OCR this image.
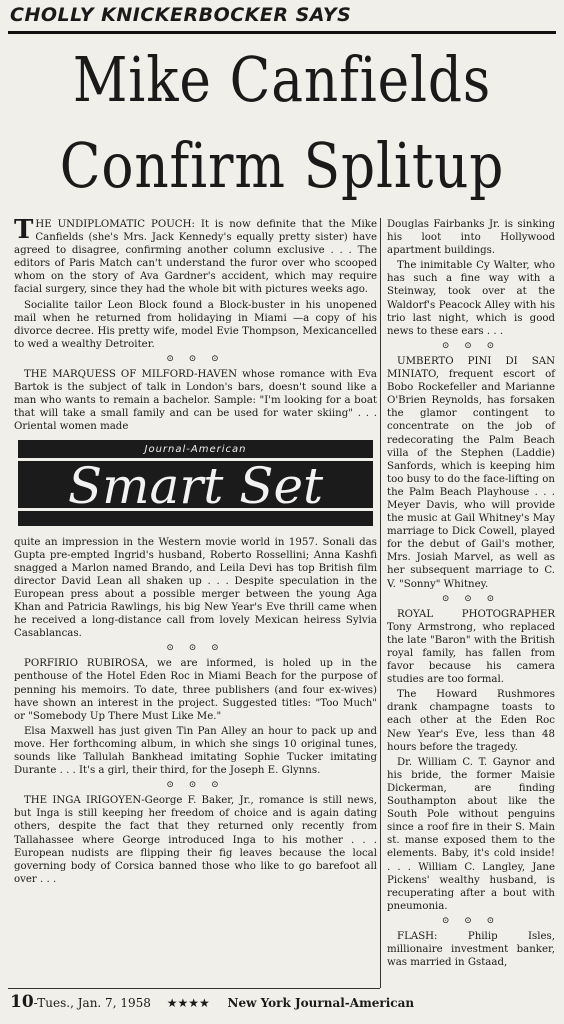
CHOLLY KNICKERBOCKER SAYS
Mike Canfields
Confirm Splitup

THE UNDIPLOMATIC POUCH: It is now definite that the Mike Canfields (she's Mrs. Jack Kennedy's equally pretty sister) have agreed to disagree, confirming another column exclusive . . . The editors of Paris Match can't understand the furor over who scooped whom on the story of Ava Gardner's accident, which may require facial surgery, since they had the whole bit with pictures weeks ago.

Socialite tailor Leon Block found a Block-buster in his unopened mail when he returned from holidaying in Miami —a copy of his divorce decree. His pretty wife, model Evie Thompson, Mexicancelled to wed a wealthy Detroiter.

⊙ ⊙ ⊙

THE MARQUESS OF MILFORD-HAVEN whose romance with Eva Bartok is the subject of talk in London's bars, doesn't sound like a man who wants to remain a bachelor. Sample: "I'm looking for a boat that will take a small family and can be used for water skiing" . . . Oriental women made

Journal-American
Smart Set

quite an impression in the Western movie world in 1957. Sonali das Gupta pre-empted Ingrid's husband, Roberto Rossellini; Anna Kashfi snagged a Marlon named Brando, and Leila Devi has top British film director David Lean all shaken up . . . Despite speculation in the European press about a possible merger between the young Aga Khan and Patricia Rawlings, his big New Year's Eve thrill came when he received a long-distance call from lovely Mexican heiress Sylvia Casablancas.

⊙ ⊙ ⊙

PORFIRIO RUBIROSA, we are informed, is holed up in the penthouse of the Hotel Eden Roc in Miami Beach for the purpose of penning his memoirs. To date, three publishers (and four ex-wives) have shown an interest in the project. Suggested titles: "Too Much" or "Somebody Up There Must Like Me."

Elsa Maxwell has just given Tin Pan Alley an hour to pack up and move. Her forthcoming album, in which she sings 10 original tunes, sounds like Tallulah Bankhead imitating Sophie Tucker imitating Durante . . . It's a girl, their third, for the Joseph E. Glynns.

⊙ ⊙ ⊙

THE INGA IRIGOYEN-George F. Baker, Jr., romance is still news, but Inga is still keeping her freedom of choice and is again dating others, despite the fact that they returned only recently from Tallahassee where George introduced Inga to his mother . . . European nudists are flipping their fig leaves because the local governing body of Corsica banned those who like to go barefoot all over . . .

Douglas Fairbanks Jr. is sinking his loot into Hollywood apartment buildings.

The inimitable Cy Walter, who has such a fine way with a Steinway, took over at the Waldorf's Peacock Alley with his trio last night, which is good news to these ears . . .

⊙ ⊙ ⊙

UMBERTO PINI DI SAN MINIATO, frequent escort of Bobo Rockefeller and Marianne O'Brien Reynolds, has forsaken the glamor contingent to concentrate on the job of redecorating the Palm Beach villa of the Stephen (Laddie) Sanfords, which is keeping him too busy to do the face-lifting on the Palm Beach Playhouse . . . Meyer Davis, who will provide the music at Gail Whitney's May marriage to Dick Cowell, played for the debut of Gail's mother, Mrs. Josiah Marvel, as well as her subsequent marriage to C. V. "Sonny" Whitney.

⊙ ⊙ ⊙

ROYAL PHOTOGRAPHER Tony Armstrong, who replaced the late "Baron" with the British royal family, has fallen from favor because his camera studies are too formal.

The Howard Rushmores drank champagne toasts to each other at the Eden Roc New Year's Eve, less than 48 hours before the tragedy.

Dr. William C. T. Gaynor and his bride, the former Maisie Dickerman, are finding Southampton about like the South Pole without penguins since a roof fire in their S. Main st. manse exposed them to the elements. Baby, it's cold inside! . . . William C. Langley, Jane Pickens' wealthy husband, is recuperating after a bout with pneumonia.

⊙ ⊙ ⊙

FLASH: Philip Isles, millionaire investment banker, was married in Gstaad,

10-Tues., Jan. 7, 1958 ★★★★ New York Journal-American
